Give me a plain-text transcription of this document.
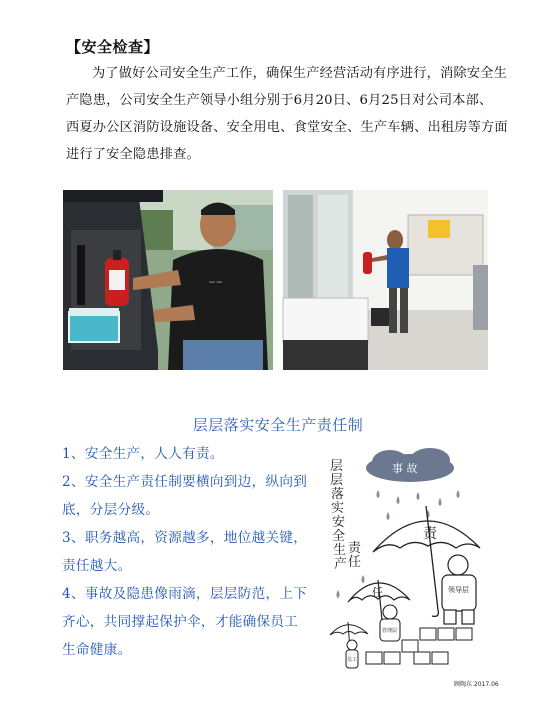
【安全检查】
为了做好公司安全生产工作，确保生产经营活动有序进行，消除安全生
产隐患，公司安全生产领导小组分别于6月20日、6月25日对公司本部、
西夏办公区消防设施设备、安全用电、食堂安全、生产车辆、出租房等方面
进行了安全隐患排查。
~~
层层落实安全生产责任制
1、安全生产，人人有责。
2、安全生产责任制要横向到边，纵向到
底，分层分级。
3、职务越高，资源越多，地位越关键，
责任越大。
4、事故及隐患像雨滴，层层防范，上下
齐心，共同撑起保护伞，才能确保员工
生命健康。
层
层
落
实
安
全
生
产
责
任
事 故
责
领导层
任
管理层
员工
顾陶东 2017.06
